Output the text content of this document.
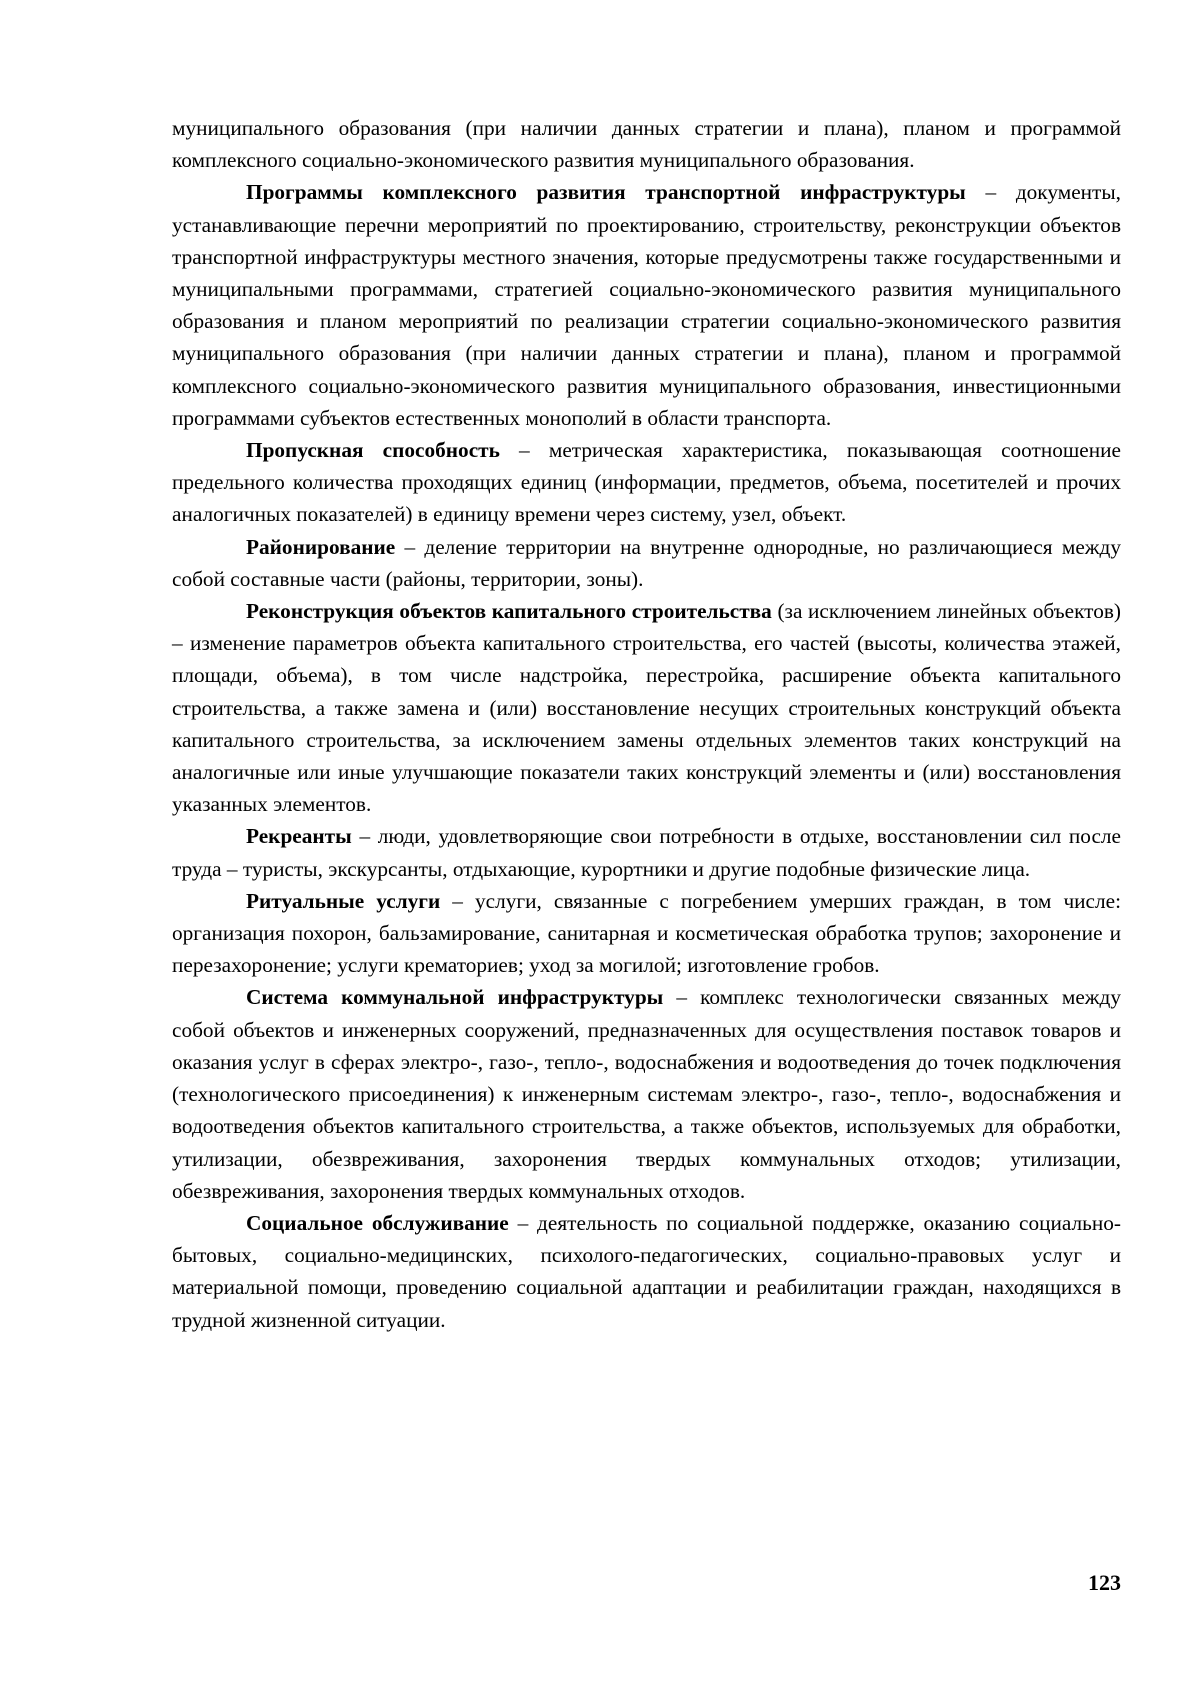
муниципального образования (при наличии данных стратегии и плана), планом и программой комплексного социально-экономического развития муниципального образования.

Программы комплексного развития транспортной инфраструктуры – документы, устанавливающие перечни мероприятий по проектированию, строительству, реконструкции объектов транспортной инфраструктуры местного значения, которые предусмотрены также государственными и муниципальными программами, стратегией социально-экономического развития муниципального образования и планом мероприятий по реализации стратегии социально-экономического развития муниципального образования (при наличии данных стратегии и плана), планом и программой комплексного социально-экономического развития муниципального образования, инвестиционными программами субъектов естественных монополий в области транспорта.

Пропускная способность – метрическая характеристика, показывающая соотношение предельного количества проходящих единиц (информации, предметов, объема, посетителей и прочих аналогичных показателей) в единицу времени через систему, узел, объект.

Районирование – деление территории на внутренне однородные, но различающиеся между собой составные части (районы, территории, зоны).

Реконструкция объектов капитального строительства (за исключением линейных объектов) – изменение параметров объекта капитального строительства, его частей (высоты, количества этажей, площади, объема), в том числе надстройка, перестройка, расширение объекта капитального строительства, а также замена и (или) восстановление несущих строительных конструкций объекта капитального строительства, за исключением замены отдельных элементов таких конструкций на аналогичные или иные улучшающие показатели таких конструкций элементы и (или) восстановления указанных элементов.

Рекреанты – люди, удовлетворяющие свои потребности в отдыхе, восстановлении сил после труда – туристы, экскурсанты, отдыхающие, курортники и другие подобные физические лица.

Ритуальные услуги – услуги, связанные с погребением умерших граждан, в том числе: организация похорон, бальзамирование, санитарная и косметическая обработка трупов; захоронение и перезахоронение; услуги крематориев; уход за могилой; изготовление гробов.

Система коммунальной инфраструктуры – комплекс технологически связанных между собой объектов и инженерных сооружений, предназначенных для осуществления поставок товаров и оказания услуг в сферах электро-, газо-, тепло-, водоснабжения и водоотведения до точек подключения (технологического присоединения) к инженерным системам электро-, газо-, тепло-, водоснабжения и водоотведения объектов капитального строительства, а также объектов, используемых для обработки, утилизации, обезвреживания, захоронения твердых коммунальных отходов; утилизации, обезвреживания, захоронения твердых коммунальных отходов.

Социальное обслуживание – деятельность по социальной поддержке, оказанию социально-бытовых, социально-медицинских, психолого-педагогических, социально-правовых услуг и материальной помощи, проведению социальной адаптации и реабилитации граждан, находящихся в трудной жизненной ситуации.

123
